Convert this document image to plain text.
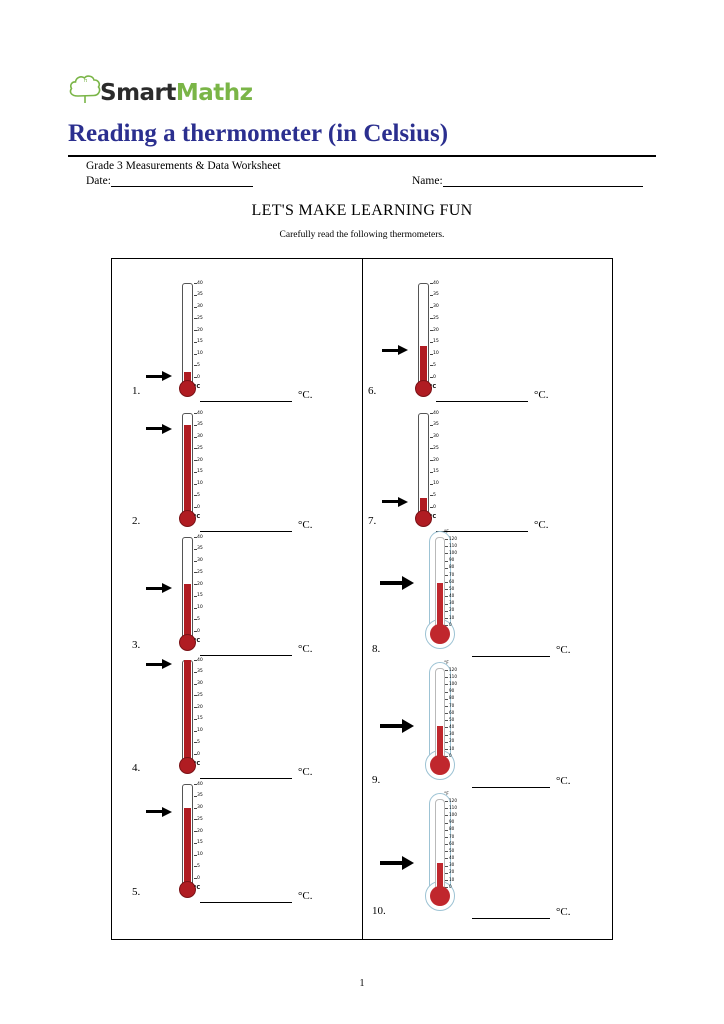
π SmartMathz
Reading a thermometer (in Celsius)
Grade 3 Measurements & Data Worksheet
Date:	Name:
LET'S MAKE LEARNING FUN
Carefully read the following thermometers.
40
35
30
25
20
15
10
5
0
°C
1.	°C.
40
35
30
25
20
15
10
5
0
°C
2.	°C.
40
35
30
25
20
15
10
5
0
°C
3.	°C.
40
35
30
25
20
15
10
5
0
°C
4.	°C.
40
35
30
25
20
15
10
5
0
°C
5.	°C.
40
35
30
25
20
15
10
5
0
°C
6.	°C.
40
35
30
25
20
15
10
5
0
°C
7.	°C.
120
110
100
90
80
70
60
50
40
30
20
10
0
°F
8.	°C.
120
110
100
90
80
70
60
50
40
30
20
10
0
°F
9.	°C.
120
110
100
90
80
70
60
50
40
30
20
10
0
°F
10.	°C.
1
